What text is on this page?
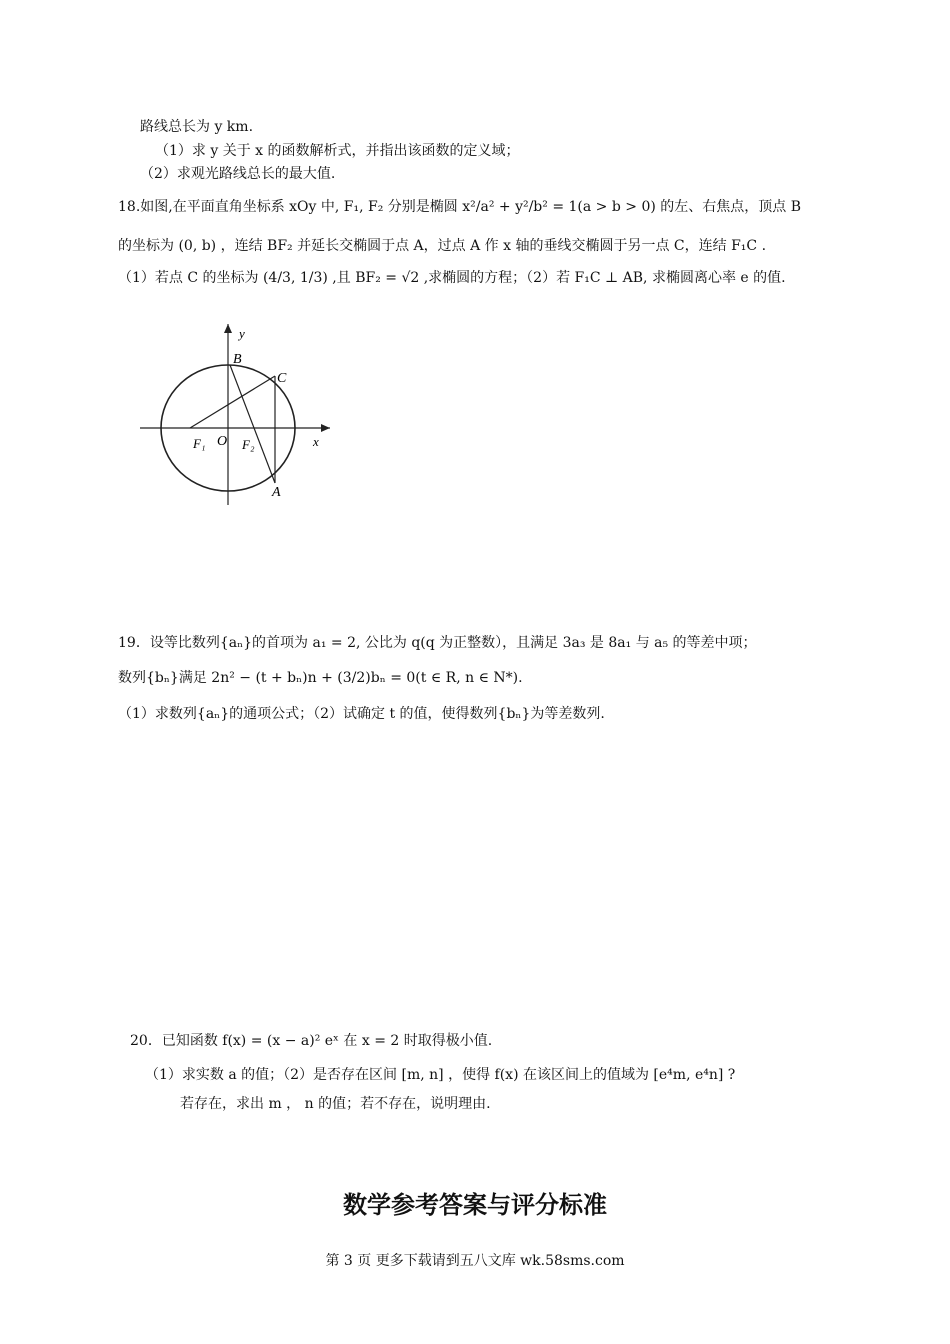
路线总长为 y km.
（1）求 y 关于 x 的函数解析式，并指出该函数的定义域；
（2）求观光路线总长的最大值.
18.如图,在平面直角坐标系 xOy 中, F₁, F₂ 分别是椭圆 x²/a² + y²/b² = 1(a > b > 0) 的左、右焦点，顶点 B
的坐标为 (0, b) ，连结 BF₂ 并延长交椭圆于点 A，过点 A 作 x 轴的垂线交椭圆于另一点 C，连结 F₁C .
（1）若点 C 的坐标为 (4/3, 1/3) ,且 BF₂ = √2 ,求椭圆的方程；（2）若 F₁C ⊥ AB, 求椭圆离心率 e 的值.
y
x
B
C
A
F₁ O F₂
19．设等比数列{aₙ}的首项为 a₁ = 2, 公比为 q(q 为正整数），且满足 3a₃ 是 8a₁ 与 a₅ 的等差中项；
数列{bₙ}满足 2n² − (t + bₙ)n + (3/2)bₙ = 0(t ∈ R, n ∈ N*).
（1）求数列{aₙ}的通项公式；（2）试确定 t 的值，使得数列{bₙ}为等差数列.
20．已知函数 f(x) = (x − a)² eˣ 在 x = 2 时取得极小值.
（1）求实数 a 的值；（2）是否存在区间 [m, n] ，使得 f(x) 在该区间上的值域为 [e⁴m, e⁴n] ?
若存在，求出 m ， n 的值；若不存在，说明理由.
数学参考答案与评分标准
第 3 页 更多下载请到五八文库 wk.58sms.com
